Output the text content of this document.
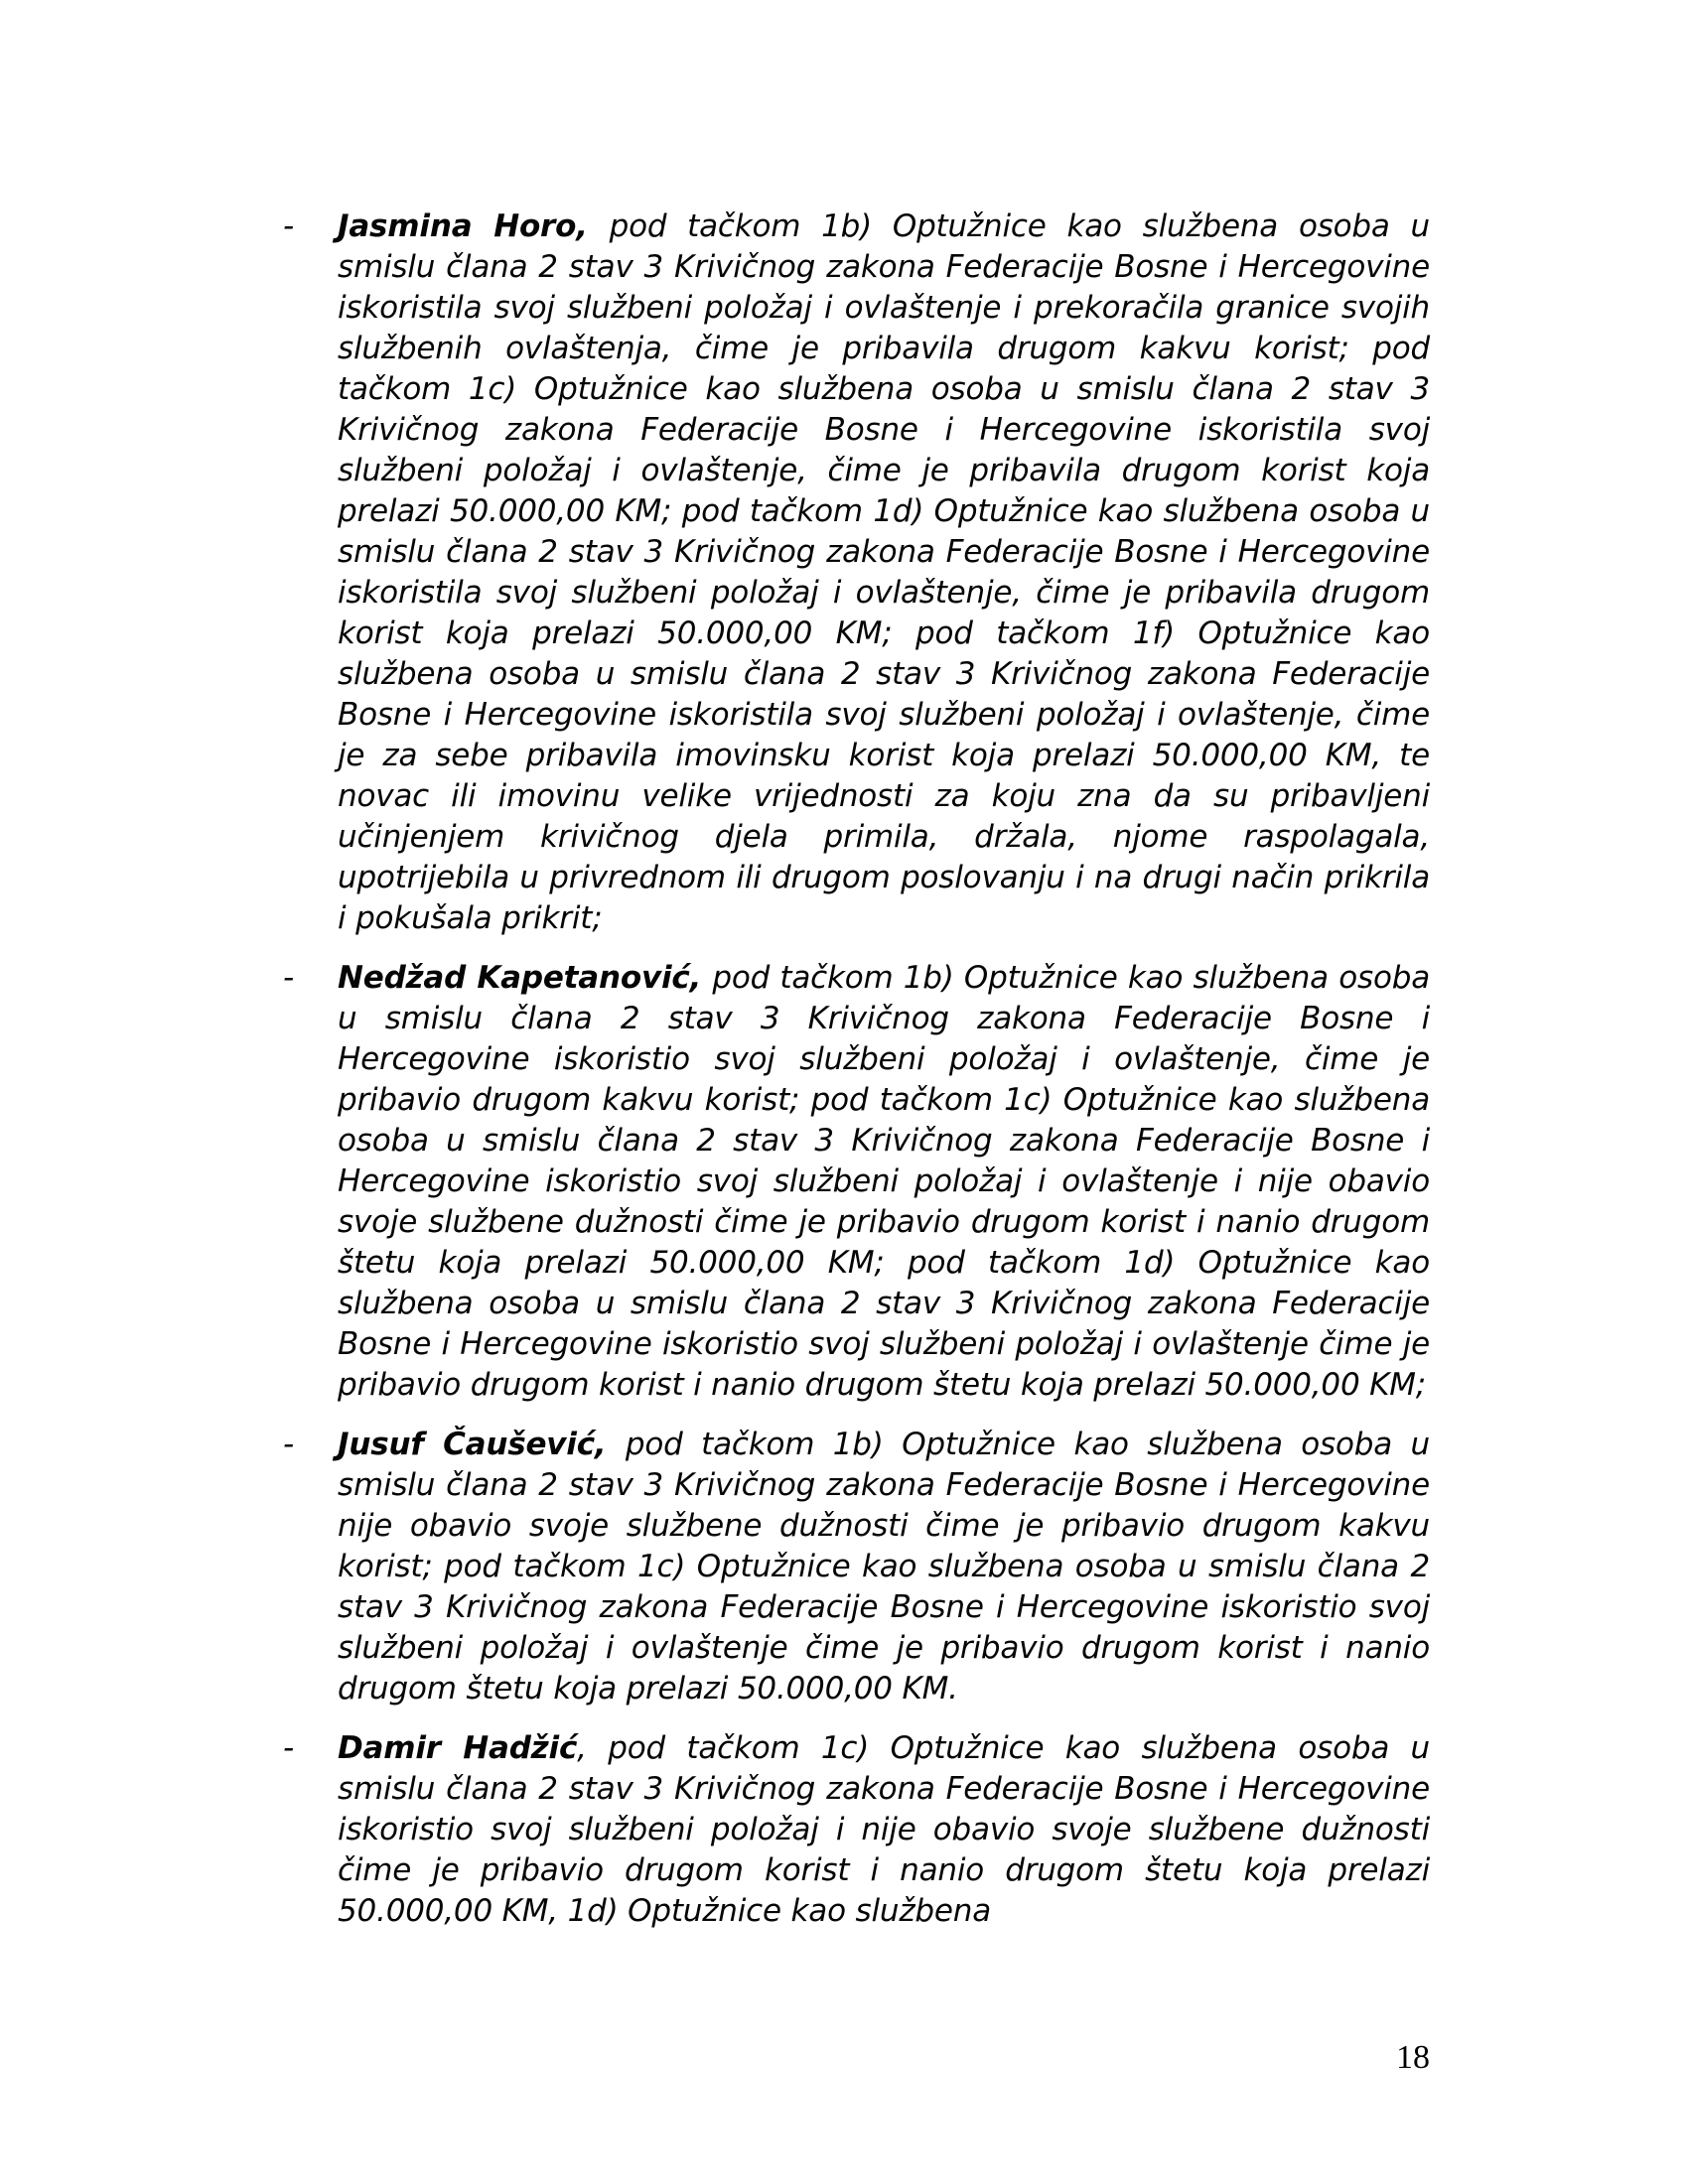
- Jasmina Horo, pod tačkom 1b) Optužnice kao službena osoba u smislu člana 2 stav 3 Krivičnog zakona Federacije Bosne i Hercegovine iskoristila svoj službeni položaj i ovlaštenje i prekoračila granice svojih službenih ovlaštenja, čime je pribavila drugom kakvu korist; pod tačkom 1c) Optužnice kao službena osoba u smislu člana 2 stav 3 Krivičnog zakona Federacije Bosne i Hercegovine iskoristila svoj službeni položaj i ovlaštenje, čime je pribavila drugom korist koja prelazi 50.000,00 KM; pod tačkom 1d) Optužnice kao službena osoba u smislu člana 2 stav 3 Krivičnog zakona Federacije Bosne i Hercegovine iskoristila svoj službeni položaj i ovlaštenje, čime je pribavila drugom korist koja prelazi 50.000,00 KM; pod tačkom 1f) Optužnice kao službena osoba u smislu člana 2 stav 3 Krivičnog zakona Federacije Bosne i Hercegovine iskoristila svoj službeni položaj i ovlaštenje, čime je za sebe pribavila imovinsku korist koja prelazi 50.000,00 KM, te novac ili imovinu velike vrijednosti za koju zna da su pribavljeni učinjenjem krivičnog djela primila, držala, njome raspolagala, upotrijebila u privrednom ili drugom poslovanju i na drugi način prikrila i pokušala prikrit;
- Nedžad Kapetanović, pod tačkom 1b) Optužnice kao službena osoba u smislu člana 2 stav 3 Krivičnog zakona Federacije Bosne i Hercegovine iskoristio svoj službeni položaj i ovlaštenje, čime je pribavio drugom kakvu korist; pod tačkom 1c) Optužnice kao službena osoba u smislu člana 2 stav 3 Krivičnog zakona Federacije Bosne i Hercegovine iskoristio svoj službeni položaj i ovlaštenje i nije obavio svoje službene dužnosti čime je pribavio drugom korist i nanio drugom štetu koja prelazi 50.000,00 KM; pod tačkom 1d) Optužnice kao službena osoba u smislu člana 2 stav 3 Krivičnog zakona Federacije Bosne i Hercegovine iskoristio svoj službeni položaj i ovlaštenje čime je pribavio drugom korist i nanio drugom štetu koja prelazi 50.000,00 KM;
- Jusuf Čaušević, pod tačkom 1b) Optužnice kao službena osoba u smislu člana 2 stav 3 Krivičnog zakona Federacije Bosne i Hercegovine nije obavio svoje službene dužnosti čime je pribavio drugom kakvu korist; pod tačkom 1c) Optužnice kao službena osoba u smislu člana 2 stav 3 Krivičnog zakona Federacije Bosne i Hercegovine iskoristio svoj službeni položaj i ovlaštenje čime je pribavio drugom korist i nanio drugom štetu koja prelazi 50.000,00 KM.
- Damir Hadžić, pod tačkom 1c) Optužnice kao službena osoba u smislu člana 2 stav 3 Krivičnog zakona Federacije Bosne i Hercegovine iskoristio svoj službeni položaj i nije obavio svoje službene dužnosti čime je pribavio drugom korist i nanio drugom štetu koja prelazi 50.000,00 KM, 1d) Optužnice kao službena
18
